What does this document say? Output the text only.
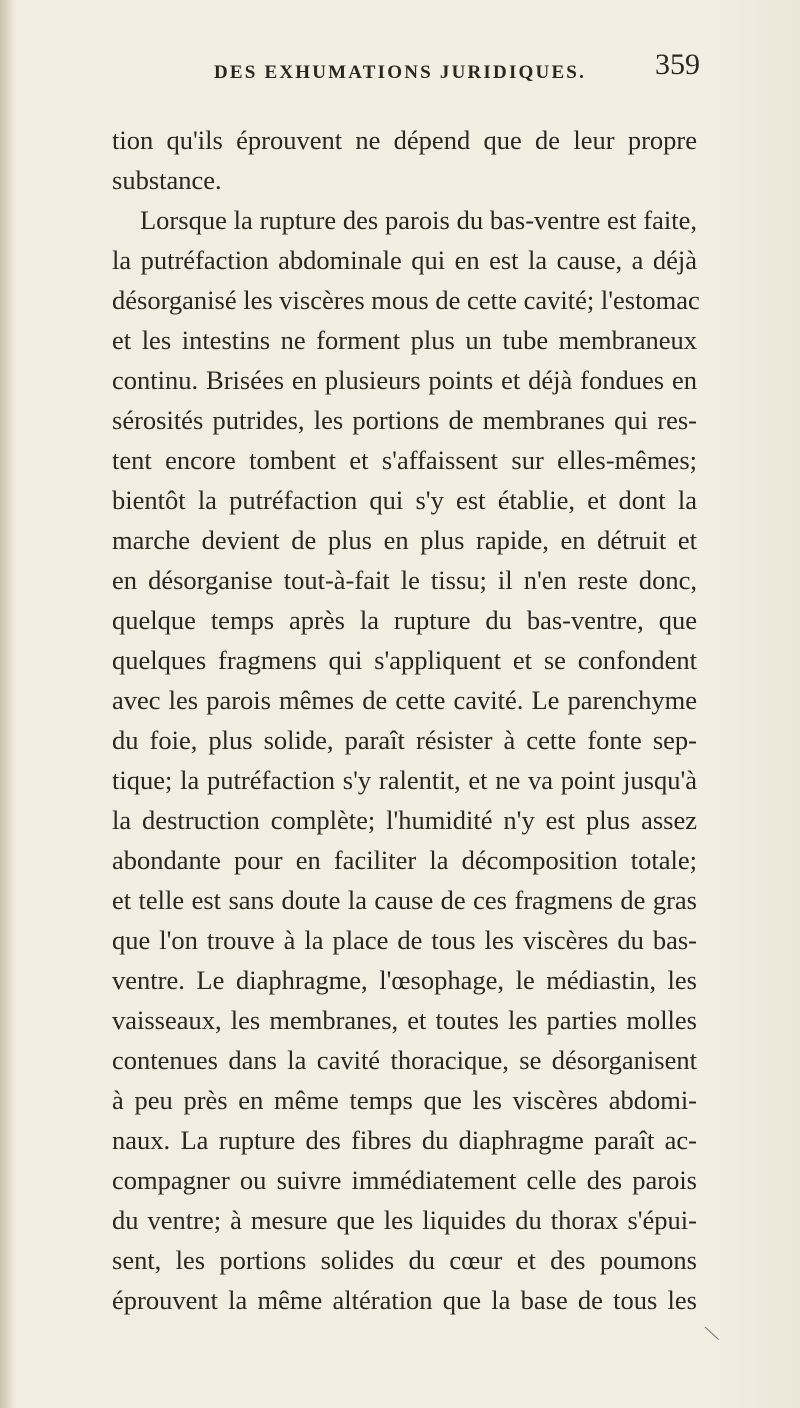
DES EXHUMATIONS JURIDIQUES.	359
tion qu'ils éprouvent ne dépend que de leur propre
substance.
Lorsque la rupture des parois du bas-ventre est faite,
la putréfaction abdominale qui en est la cause, a déjà
désorganisé les viscères mous de cette cavité; l'estomac
et les intestins ne forment plus un tube membraneux
continu. Brisées en plusieurs points et déjà fondues en
sérosités putrides, les portions de membranes qui res-
tent encore tombent et s'affaissent sur elles-mêmes;
bientôt la putréfaction qui s'y est établie, et dont la
marche devient de plus en plus rapide, en détruit et
en désorganise tout-à-fait le tissu; il n'en reste donc,
quelque temps après la rupture du bas-ventre, que
quelques fragmens qui s'appliquent et se confondent
avec les parois mêmes de cette cavité. Le parenchyme
du foie, plus solide, paraît résister à cette fonte sep-
tique; la putréfaction s'y ralentit, et ne va point jusqu'à
la destruction complète; l'humidité n'y est plus assez
abondante pour en faciliter la décomposition totale;
et telle est sans doute la cause de ces fragmens de gras
que l'on trouve à la place de tous les viscères du bas-
ventre. Le diaphragme, l'œsophage, le médiastin, les
vaisseaux, les membranes, et toutes les parties molles
contenues dans la cavité thoracique, se désorganisent
à peu près en même temps que les viscères abdomi-
naux. La rupture des fibres du diaphragme paraît ac-
compagner ou suivre immédiatement celle des parois
du ventre; à mesure que les liquides du thorax s'épui-
sent, les portions solides du cœur et des poumons
éprouvent la même altération que la base de tous les
╲
